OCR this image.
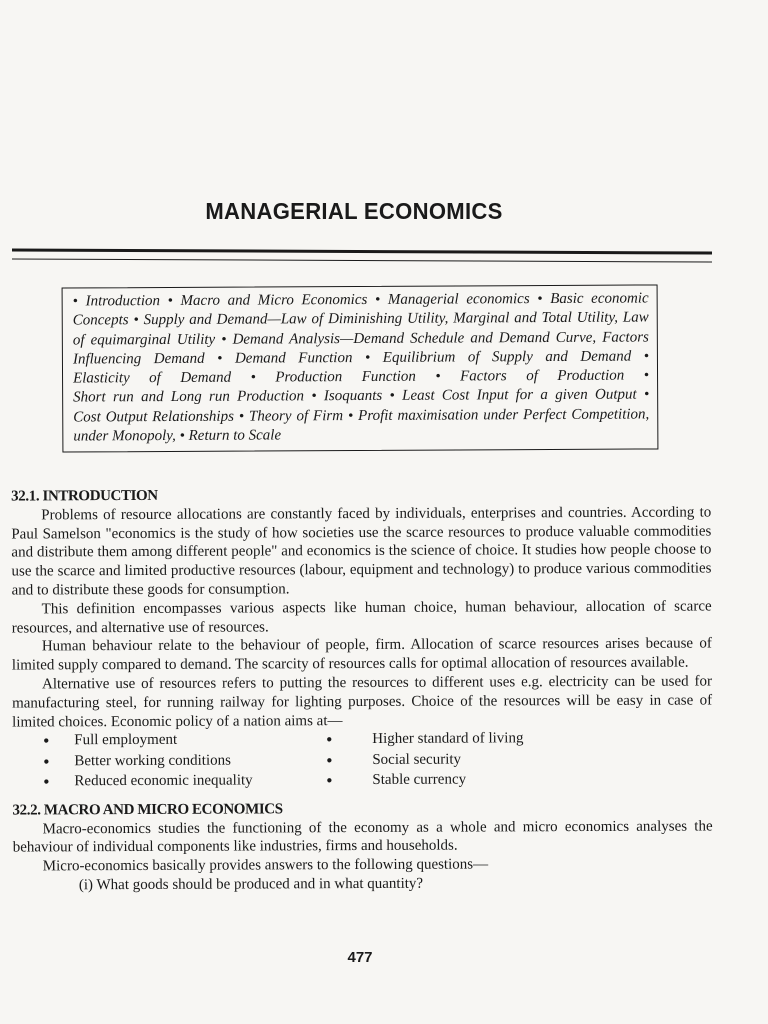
MANAGERIAL ECONOMICS
• Introduction • Macro and Micro Economics • Managerial economics • Basic economic Concepts • Supply and Demand—Law of Diminishing Utility, Marginal and Total Utility, Law of equimarginal Utility • Demand Analysis—Demand Schedule and Demand Curve, Factors Influencing Demand • Demand Function • Equilibrium of Supply and Demand • Elasticity of Demand • Production Function • Factors of Production • Short run and Long run Production • Isoquants • Least Cost Input for a given Output • Cost Output Relationships • Theory of Firm • Profit maximisation under Perfect Competition, under Monopoly, • Return to Scale
32.1. INTRODUCTION

Problems of resource allocations are constantly faced by individuals, enterprises and countries. According to Paul Samelson "economics is the study of how societies use the scarce resources to produce valuable commodities and distribute them among different people" and economics is the science of choice. It studies how people choose to use the scarce and limited productive resources (labour, equipment and technology) to produce various commodities and to distribute these goods for consumption.

This definition encompasses various aspects like human choice, human behaviour, allocation of scarce resources, and alternative use of resources.

Human behaviour relate to the behaviour of people, firm. Allocation of scarce resources arises because of limited supply compared to demand. The scarcity of resources calls for optimal allocation of resources available.

Alternative use of resources refers to putting the resources to different uses e.g. electricity can be used for manufacturing steel, for running railway for lighting purposes. Choice of the resources will be easy in case of limited choices. Economic policy of a nation aims at—

● Full employment	● Higher standard of living
● Better working conditions	● Social security
● Reduced economic inequality	● Stable currency
32.2. MACRO AND MICRO ECONOMICS

Macro-economics studies the functioning of the economy as a whole and micro economics analyses the behaviour of individual components like industries, firms and households.

Micro-economics basically provides answers to the following questions—

(i) What goods should be produced and in what quantity?

477
